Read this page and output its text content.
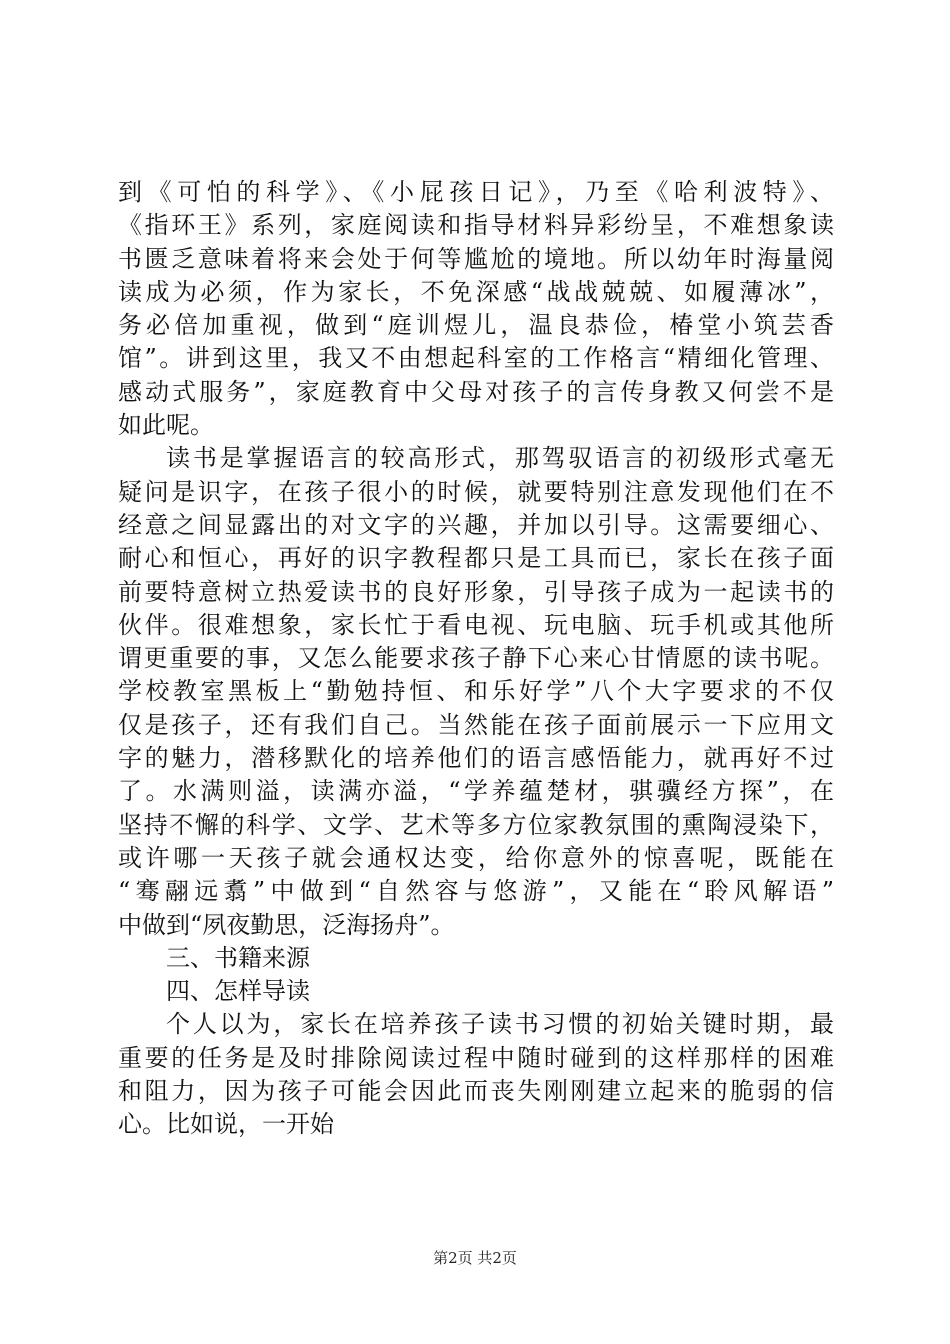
到《可怕的科学》、《小屁孩日记》，乃至《哈利波特》、
《指环王》系列，家庭阅读和指导材料异彩纷呈，不难想象读
书匮乏意味着将来会处于何等尴尬的境地。所以幼年时海量阅
读成为必须，作为家长，不免深感“战战兢兢、如履薄冰”，
务必倍加重视，做到“庭训煜儿，温良恭俭，椿堂小筑芸香
馆”。讲到这里，我又不由想起科室的工作格言“精细化管理、
感动式服务”，家庭教育中父母对孩子的言传身教又何尝不是
如此呢。
读书是掌握语言的较高形式，那驾驭语言的初级形式毫无
疑问是识字，在孩子很小的时候，就要特别注意发现他们在不
经意之间显露出的对文字的兴趣，并加以引导。这需要细心、
耐心和恒心，再好的识字教程都只是工具而已，家长在孩子面
前要特意树立热爱读书的良好形象，引导孩子成为一起读书的
伙伴。很难想象，家长忙于看电视、玩电脑、玩手机或其他所
谓更重要的事，又怎么能要求孩子静下心来心甘情愿的读书呢。
学校教室黑板上“勤勉持恒、和乐好学”八个大字要求的不仅
仅是孩子，还有我们自己。当然能在孩子面前展示一下应用文
字的魅力，潜移默化的培养他们的语言感悟能力，就再好不过
了。水满则溢，读满亦溢，“学养蕴楚材，骐骥经方探”，在
坚持不懈的科学、文学、艺术等多方位家教氛围的熏陶浸染下，
或许哪一天孩子就会通权达变，给你意外的惊喜呢，既能在
“骞翮远翥”中做到“自然容与悠游”，又能在“聆风解语”
中做到“夙夜勤思，泛海扬舟”。
三、书籍来源
四、怎样导读
个人以为，家长在培养孩子读书习惯的初始关键时期，最
重要的任务是及时排除阅读过程中随时碰到的这样那样的困难
和阻力，因为孩子可能会因此而丧失刚刚建立起来的脆弱的信
心。比如说，一开始
第2页 共2页
